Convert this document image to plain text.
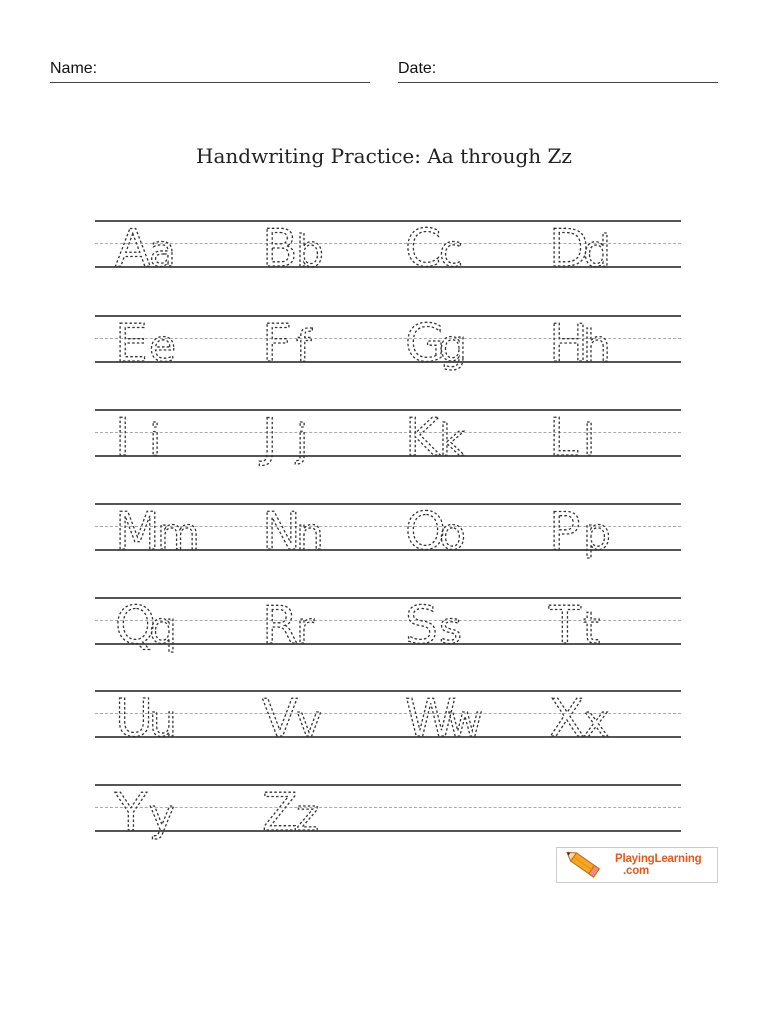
Name:	Date:
Handwriting Practice: Aa through Zz
A
a B
b C
c D
d
E e F f G
g H
h
I i J j K k L l
M
m N
n O
o P p
Q
q R
r S s T t
U
u V
v W
w X
x
Y y Z
z
PlayingLearning
.com
